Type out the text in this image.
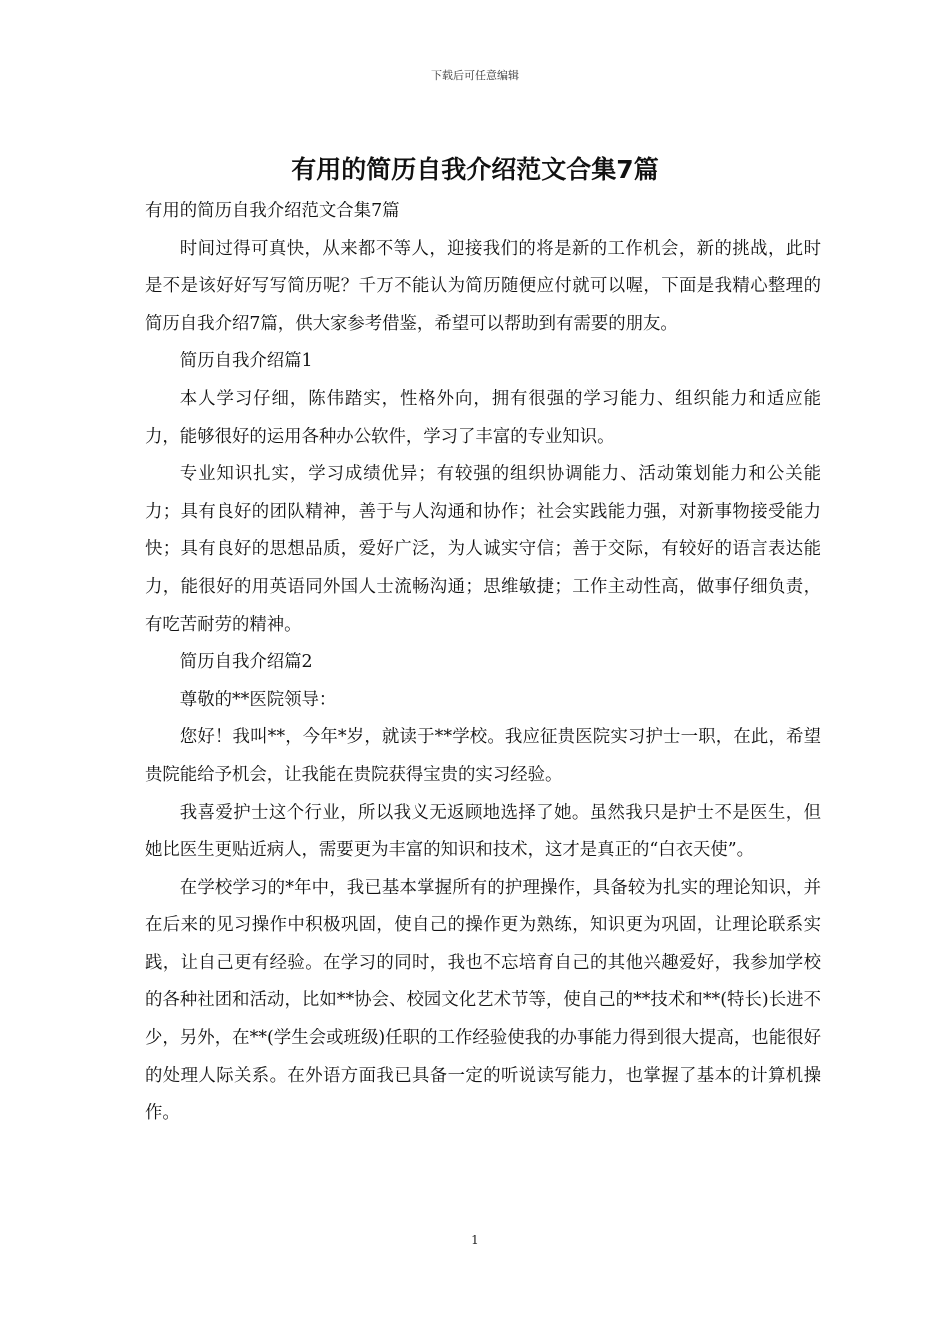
下载后可任意编辑
有用的简历自我介绍范文合集7篇

有用的简历自我介绍范文合集7篇

时间过得可真快，从来都不等人，迎接我们的将是新的工作机会，新的挑战，此时是不是该好好写写简历呢？千万不能认为简历随便应付就可以喔，下面是我精心整理的简历自我介绍7篇，供大家参考借鉴，希望可以帮助到有需要的朋友。

简历自我介绍篇1

本人学习仔细，陈伟踏实，性格外向，拥有很强的学习能力、组织能力和适应能力，能够很好的运用各种办公软件，学习了丰富的专业知识。

专业知识扎实，学习成绩优异；有较强的组织协调能力、活动策划能力和公关能力；具有良好的团队精神，善于与人沟通和协作；社会实践能力强，对新事物接受能力快；具有良好的思想品质，爱好广泛，为人诚实守信；善于交际，有较好的语言表达能力，能很好的用英语同外国人士流畅沟通；思维敏捷；工作主动性高，做事仔细负责，有吃苦耐劳的精神。

简历自我介绍篇2

尊敬的**医院领导：

您好！我叫**，今年*岁，就读于**学校。我应征贵医院实习护士一职，在此，希望贵院能给予机会，让我能在贵院获得宝贵的实习经验。

我喜爱护士这个行业，所以我义无返顾地选择了她。虽然我只是护士不是医生，但她比医生更贴近病人，需要更为丰富的知识和技术，这才是真正的“白衣天使”。

在学校学习的*年中，我已基本掌握所有的护理操作，具备较为扎实的理论知识，并在后来的见习操作中积极巩固，使自己的操作更为熟练，知识更为巩固，让理论联系实践，让自己更有经验。在学习的同时，我也不忘培育自己的其他兴趣爱好，我参加学校的各种社团和活动，比如**协会、校园文化艺术节等，使自己的**技术和**(特长)长进不少，另外，在**(学生会或班级)任职的工作经验使我的办事能力得到很大提高，也能很好的处理人际关系。在外语方面我已具备一定的听说读写能力，也掌握了基本的计算机操作。

1
